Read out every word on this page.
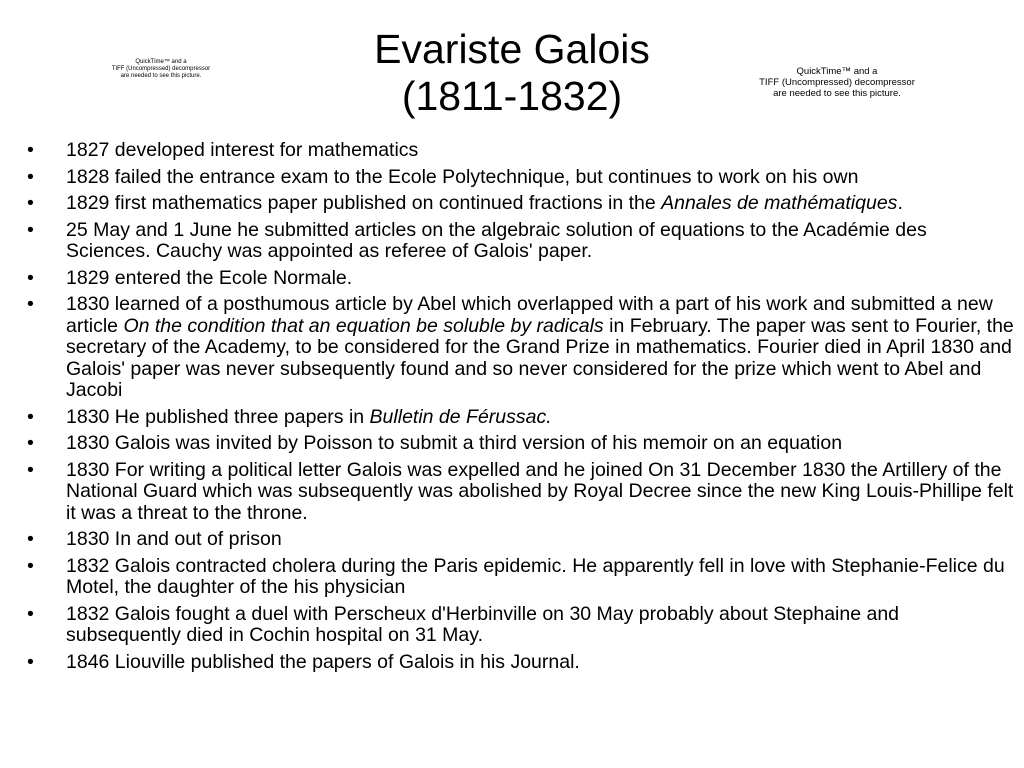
Evariste Galois
(1811-1832)
QuickTime™ and a
TIFF (Uncompressed) decompressor
are needed to see this picture.	QuickTime™ and a
TIFF (Uncompressed) decompressor
are needed to see this picture.
• 1827 developed interest for mathematics
• 1828 failed the entrance exam to the Ecole Polytechnique, but continues to work on his own
• 1829 first mathematics paper published on continued fractions in the Annales de mathématiques.
• 25 May and 1 June he submitted articles on the algebraic solution of equations to the Académie des Sciences. Cauchy was appointed as referee of Galois' paper.
• 1829 entered the Ecole Normale.
• 1830 learned of a posthumous article by Abel which overlapped with a part of his work and submitted a new article On the condition that an equation be soluble by radicals in February. The paper was sent to Fourier, the secretary of the Academy, to be considered for the Grand Prize in mathematics. Fourier died in April 1830 and Galois' paper was never subsequently found and so never considered for the prize which went to Abel and Jacobi
• 1830 He published three papers in Bulletin de Férussac.
• 1830 Galois was invited by Poisson to submit a third version of his memoir on an equation
• 1830 For writing a political letter Galois was expelled and he joined On 31 December 1830 the Artillery of the National Guard which was subsequently was abolished by Royal Decree since the new King Louis-Phillipe felt it was a threat to the throne.
• 1830 In and out of prison
• 1832 Galois contracted cholera during the Paris epidemic. He apparently fell in love with Stephanie-Felice du Motel, the daughter of the his physician
• 1832 Galois fought a duel with Perscheux d'Herbinville on 30 May probably about Stephaine and subsequently died in Cochin hospital on 31 May.
• 1846 Liouville published the papers of Galois in his Journal.
